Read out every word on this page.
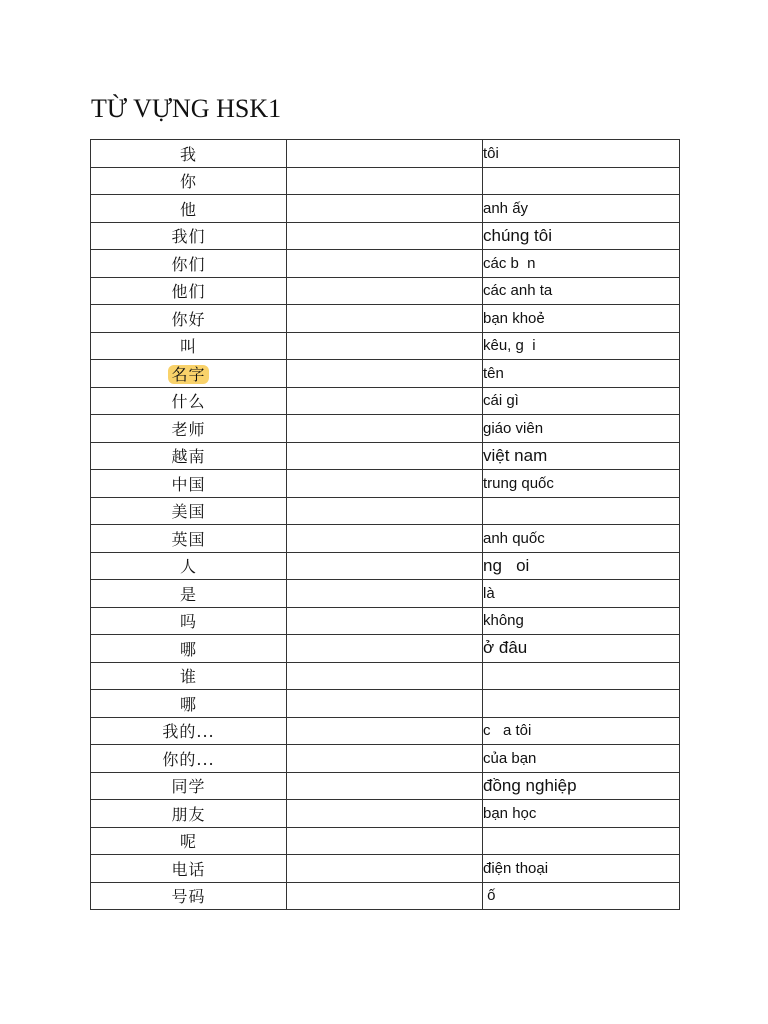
TỪ VỰNG HSK1
我		tôi
你		
他		anh ấy
我们		chúng tôi
你们		các b  n
他们		các anh ta
你好		bạn khoẻ
叫		kêu, g  i
名字		tên
什么		cái gì
老师		giáo viên
越南		việt nam
中国		trung quốc
美国		
英国		anh quốc
人		ng   oi
是		là
吗		không
哪		ở đâu
谁		
哪		
我的...		c   a tôi
你的...		của bạn
同学		đồng nghiệp
朋友		bạn học
呢		
电话		điện thoại
号码		ố
